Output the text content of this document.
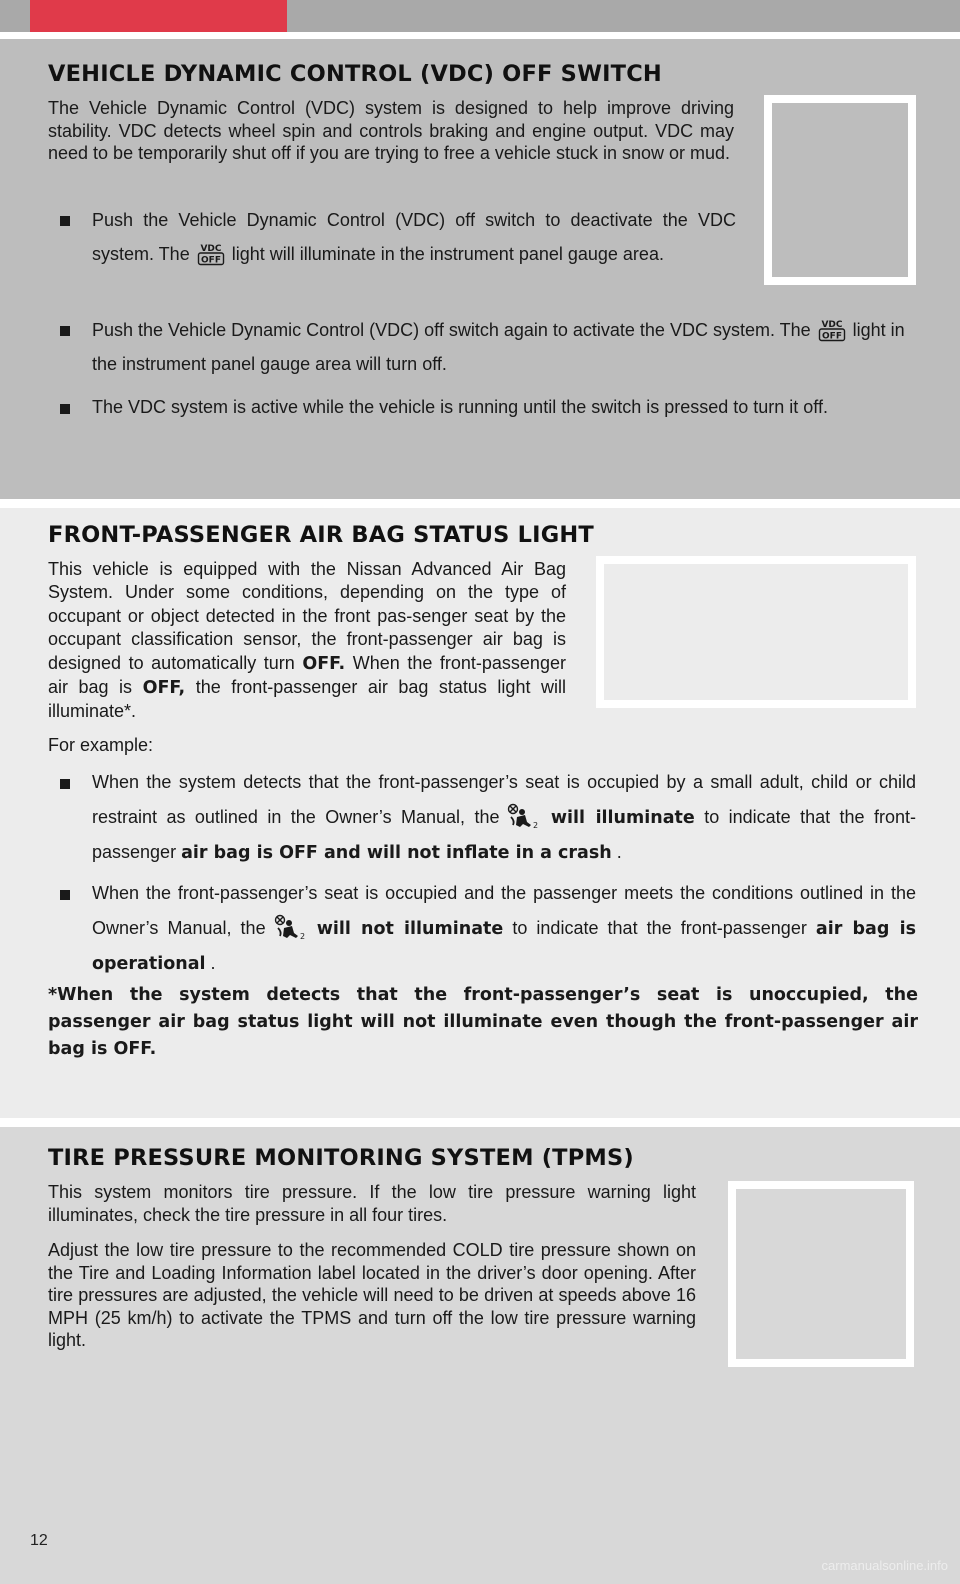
VEHICLE DYNAMIC CONTROL (VDC) OFF SWITCH

The Vehicle Dynamic Control (VDC) system is designed to help improve driving stability. VDC detects wheel spin and controls braking and engine output. VDC may need to be temporarily shut off if you are trying to free a vehicle stuck in snow or mud.

Push the Vehicle Dynamic Control (VDC) off switch to deactivate the VDC system. The VDC
OFF light will illuminate in the instrument panel gauge area.
Push the Vehicle Dynamic Control (VDC) off switch again to activate the VDC system. The VDC
OFF light in the instrument panel gauge area will turn off.
The VDC system is active while the vehicle is running until the switch is pressed to turn it off.
FRONT-PASSENGER AIR BAG STATUS LIGHT

This vehicle is equipped with the Nissan Advanced Air Bag System. Under some conditions, depending on the type of occupant or object detected in the front pas-senger seat by the occupant classification sensor, the front-passenger air bag is designed to automatically turn OFF. When the front-passenger air bag is OFF, the front-passenger air bag status light will illuminate*.

For example:

When the system detects that the front-passenger’s seat is occupied by a small adult, child or child restraint as outlined in the Owner’s Manual, the	2 will illuminate to indicate that the front-passenger air bag is OFF and will not inflate in a crash .
When the front-passenger’s seat is occupied and the passenger meets the conditions outlined in the Owner’s Manual, the	2 will not illuminate to indicate that the front-passenger air bag is operational .

*When the system detects that the front-passenger’s seat is unoccupied, the passenger air bag status light will not illuminate even though the front-passenger air bag is OFF.

TIRE PRESSURE MONITORING SYSTEM (TPMS)

This system monitors tire pressure. If the low tire pressure warning light illuminates, check the tire pressure in all four tires.

Adjust the low tire pressure to the recommended COLD tire pressure shown on the Tire and Loading Information label located in the driver’s door opening. After tire pressures are adjusted, the vehicle will need to be driven at speeds above 16 MPH (25 km/h) to activate the TPMS and turn off the low tire pressure warning light.

12
carmanualsonline.info
